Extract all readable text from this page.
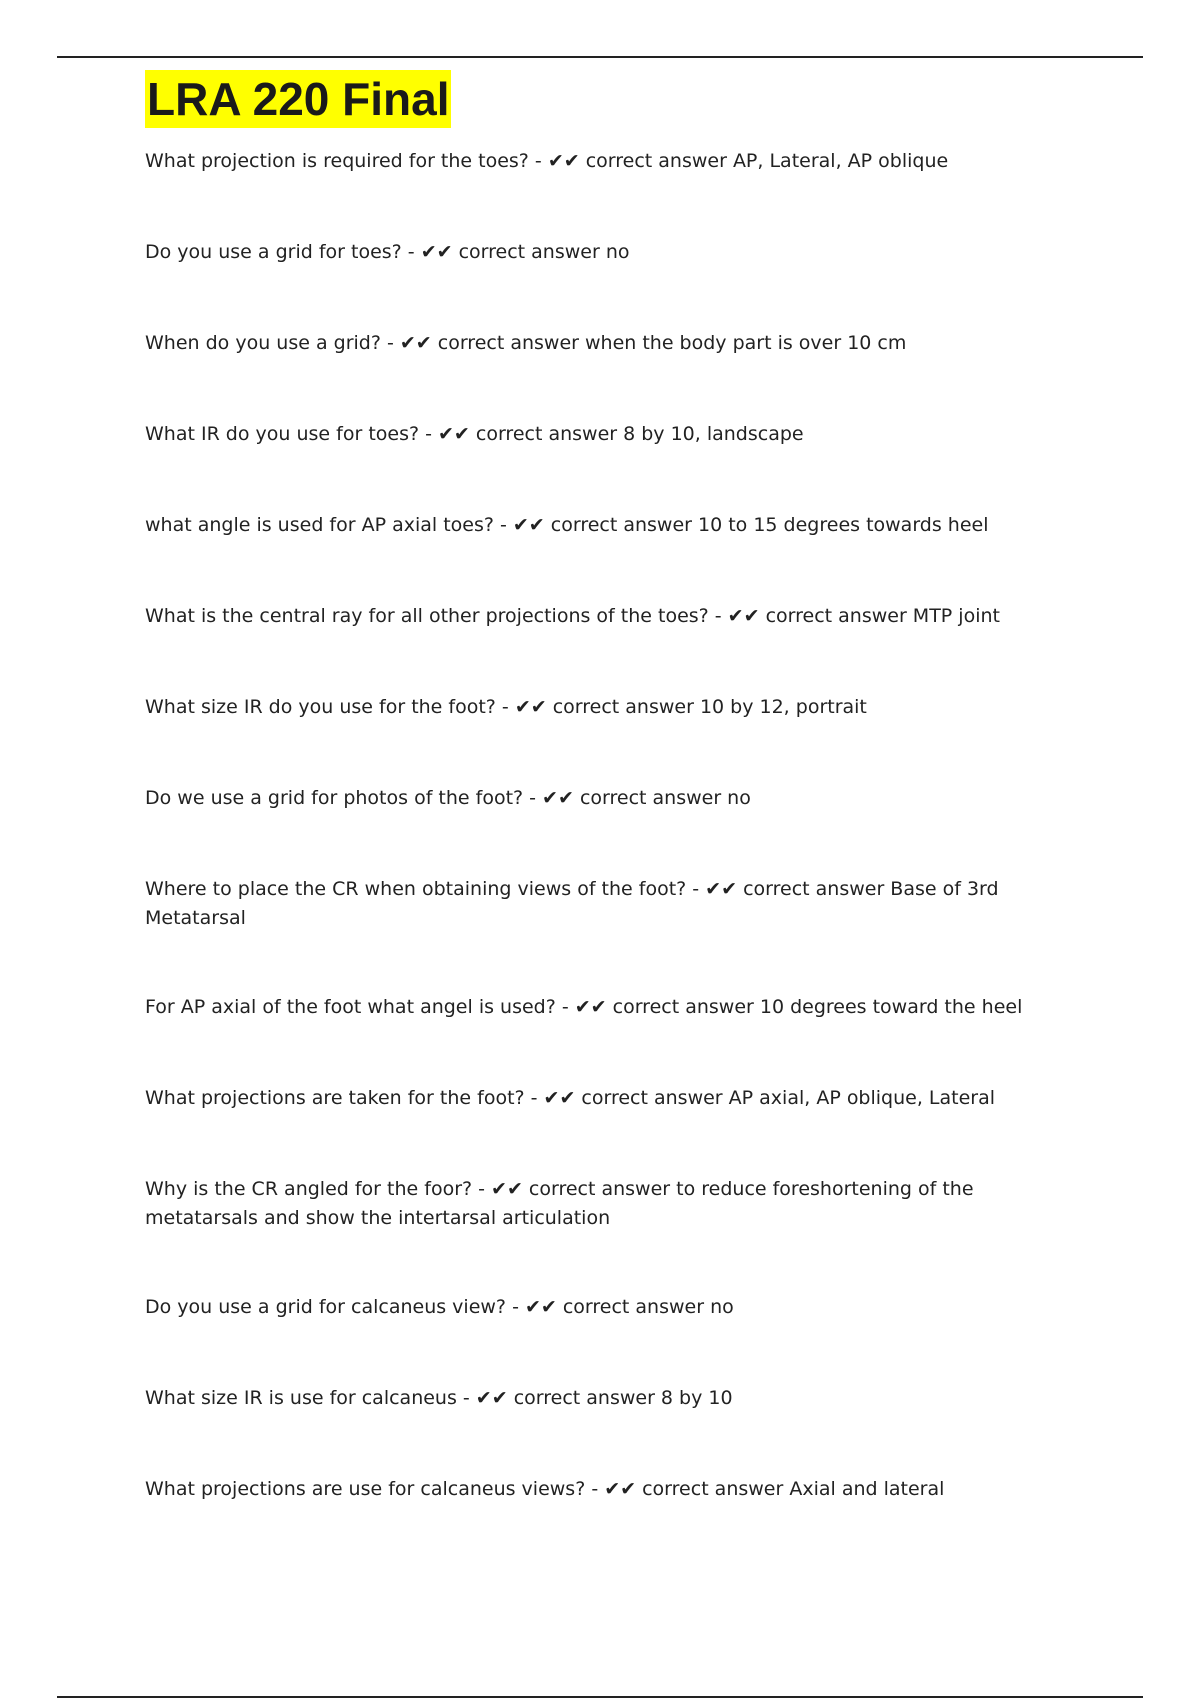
LRA 220 Final
What projection is required for the toes? - ✔✔ correct answer AP, Lateral, AP oblique
Do you use a grid for toes? - ✔✔ correct answer no
When do you use a grid? - ✔✔ correct answer when the body part is over 10 cm
What IR do you use for toes? - ✔✔ correct answer 8 by 10, landscape
what angle is used for AP axial toes? - ✔✔ correct answer 10 to 15 degrees towards heel
What is the central ray for all other projections of the toes? - ✔✔ correct answer MTP joint
What size IR do you use for the foot? - ✔✔ correct answer 10 by 12, portrait
Do we use a grid for photos of the foot? - ✔✔ correct answer no
Where to place the CR when obtaining views of the foot? - ✔✔ correct answer Base of 3rd Metatarsal
For AP axial of the foot what angel is used? - ✔✔ correct answer 10 degrees toward the heel
What projections are taken for the foot? - ✔✔ correct answer AP axial, AP oblique, Lateral
Why is the CR angled for the foor? - ✔✔ correct answer to reduce foreshortening of the metatarsals and show the intertarsal articulation
Do you use a grid for calcaneus view? - ✔✔ correct answer no
What size IR is use for calcaneus - ✔✔ correct answer 8 by 10
What projections are use for calcaneus views? - ✔✔ correct answer Axial and lateral
